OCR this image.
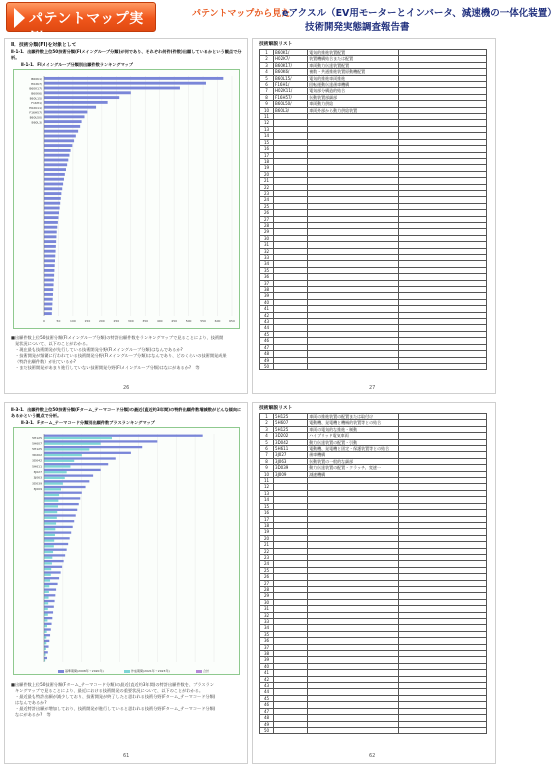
パテントマップ実	パテントマップから見た
eアクスル（EV用モーターとインバータ、減速機の一体化装置）
技術開発実態調査報告書
Ⅱ．技術分類(FI)を対象として
Ⅱ-1-1．出願件数上位50技術分類(FIメイングループ分類)が何であり、それぞれ何件(件数)出願しているかという観点で分析。
Ⅱ-1-1．FIメイングループ分類別出願件数ランキングマップ
0	50	100	150	200	250	300	350	400	450	500	550	600	650
B60K1/
H02K7/
B60K17/
B60K6/
B60L15/
F16H1/
H02K11/
F16H57/
B60L50/
B60L3/
■出願件数上位50技術分類(FIメイングループ分類)の特許出願件数をランキングマップで見ることにより、技術開
発状況について、以下のことがわかる。
・現在最も技術開発が先行している技術開発分野(FIメイングループ分類)はなんであるか?
・技術開発が頻繁に行われている技術開発分野(FIメイングループ分類)はなんであり、どのくらいの技術開発成果
（特許出願件数）が出ているか?
・まだ技術開発があまり進行していない技術開発分野(FIメイングループ分類)はなにがあるか?　等
26
技術解説リスト
1	B60K1/	電気的推進装置配置	
2	H02K7/	装置機構結合または配置	
3	B60K17/	車両動力伝達装置配置	
4	B60K6/	複数・共通推進装置原動機配置	
5	B60L15/	電気的推進車両推進	
6	F16H1/	回転運動伝達歯車機構	
7	H02K11/	電気部分構造的結合	
8	F16H57/	伝動装置部細部	
9	B60L50/	車両動力供給	
10	B60L3/	車両外部から動力供給装置	
11			
12			
13			
14			
15			
16			
17			
18			
19			
20			
21			
22			
23			
24			
25			
26			
27			
28			
29			
30			
31			
32			
33			
34			
35			
36			
37			
38			
39			
40			
41			
42			
43			
44			
45			
46			
47			
48			
49			
50			
27
Ⅱ-3-1．出願件数上位50技術分類(Fターム_テーマコード分類)の最近(直近約3年間)の特許出願件数増減数がどんな傾向にあるかという観点で分析。
Ⅱ-3-1．Fターム_テーマコード分類別出願件数ブラスランキングマップ
5H125
5H607
5H125
3D202
3D042
5H611
3J027
3J063
3D039
3J009
基準期間(2008年～2020年)	作成期間(2021年～2023年)	合計
■出願件数上位50技術分類(Fターム_テーマコード分類)の最近(直近約3年間)の特許出願件数を、プラスラン
キングマップで見ることにより、最近における技術開発の重要状況について、以下のことがわかる。
・最近最も特許出願が減少しており、技術開発が終了したと思われる技術分野(Fターム_テーマコード分類)
はなんであるか?
・最近特許出願が増加しており、技術開発が進行していると思われる技術分野(Fターム_テーマコード分類)
なにがあるか?　等
61
技術解説リスト
1	5H125	車両の推進装置の配置または取付け	
2	5H607	電動機、発電機と機械的装置等との結合	
3	5H125	車両の電気的な推進・制動	
4	3D202	ハイブリッド電気車両	
5	3D042	動力伝達装置の配置・引動	
6	5H611	電動機、発電機と固定・保護装置等との結合	
7	3J027	歯車機構	
8	3J063	伝動装置の一般的な細部	
9	3D039	動力伝達装置の配置・クラッチ、変速一	
10	3J009	減速機構	
11			
12			
13			
14			
15			
16			
17			
18			
19			
20			
21			
22			
23			
24			
25			
26			
27			
28			
29			
30			
31			
32			
33			
34			
35			
36			
37			
38			
39			
40			
41			
42			
43			
44			
45			
46			
47			
48			
49			
50			
62
